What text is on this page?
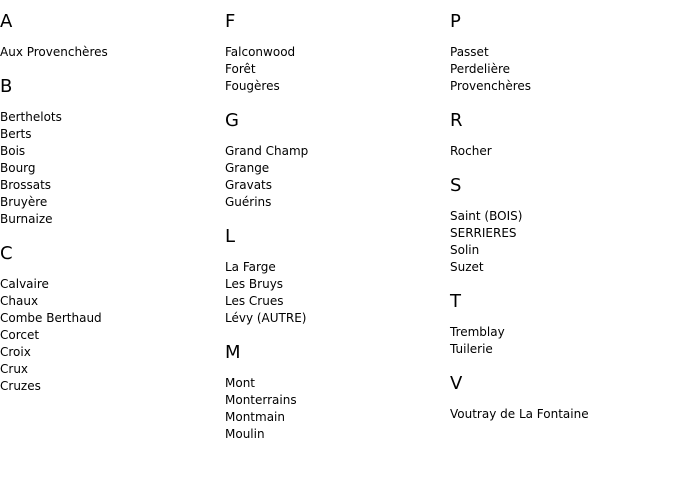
A
Aux Provenchères
B
Berthelots
Berts
Bois
Bourg
Brossats
Bruyère
Burnaize
C
Calvaire
Chaux
Combe Berthaud
Corcet
Croix
Crux
Cruzes
F
Falconwood
Forêt
Fougères
G
Grand Champ
Grange
Gravats
Guérins
L
La Farge
Les Bruys
Les Crues
Lévy (AUTRE)
M
Mont
Monterrains
Montmain
Moulin
P
Passet
Perdelière
Provenchères
R
Rocher
S
Saint (BOIS)
SERRIERES
Solin
Suzet
T
Tremblay
Tuilerie
V
Voutray de La Fontaine
